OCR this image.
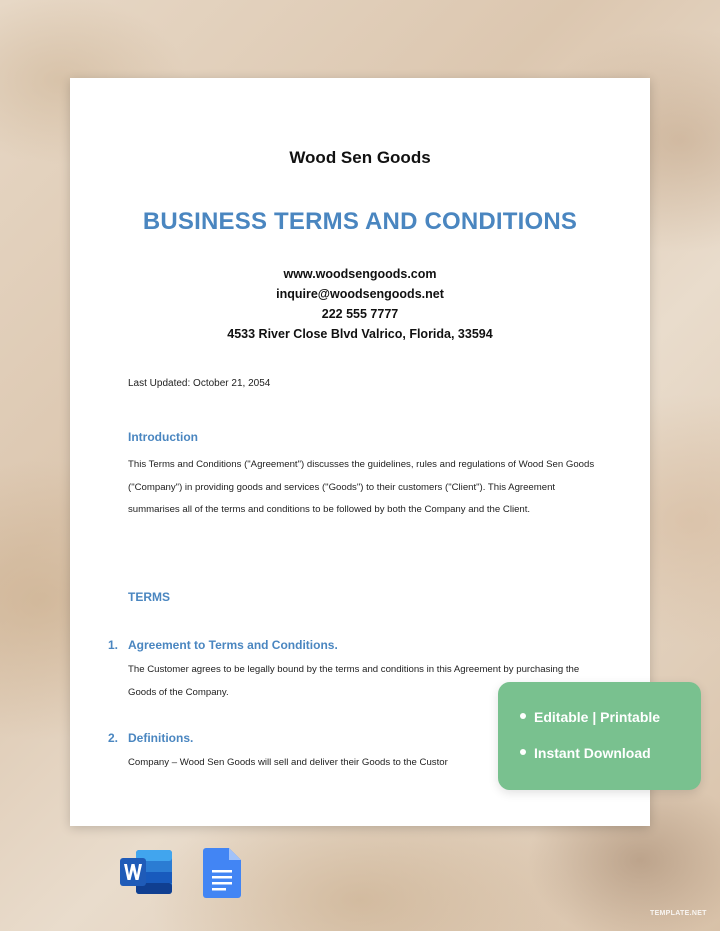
Wood Sen Goods
BUSINESS TERMS AND CONDITIONS
www.woodsengoods.com
inquire@woodsengoods.net
222 555 7777
4533 River Close Blvd Valrico, Florida, 33594
Last Updated: October 21, 2054
Introduction
This Terms and Conditions ("Agreement") discusses the guidelines, rules and regulations of Wood Sen Goods ("Company") in providing goods and services ("Goods") to their customers ("Client"). This Agreement summarises all of the terms and conditions to be followed by both the Company and the Client.
TERMS
1. Agreement to Terms and Conditions.
The Customer agrees to be legally bound by the terms and conditions in this Agreement by purchasing the Goods of the Company.
2. Definitions.
Company – Wood Sen Goods will sell and deliver their Goods to the Custor
Editable | Printable
Instant Download
TEMPLATE.NET
